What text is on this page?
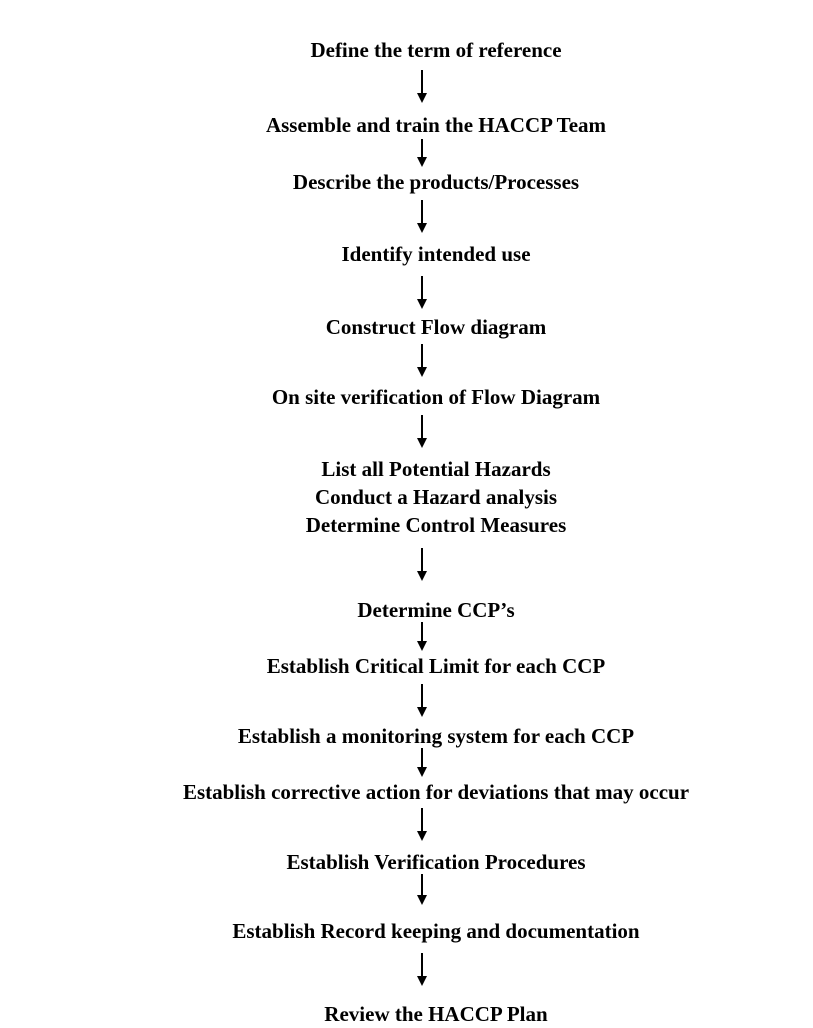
Define the term of reference
Assemble and train the HACCP Team
Describe the products/Processes
Identify intended use
Construct Flow diagram
On site verification of Flow Diagram
List all Potential Hazards
Conduct a Hazard analysis
Determine Control Measures
Determine CCP’s
Establish Critical Limit for each CCP
Establish a monitoring system for each CCP
Establish corrective action for deviations that may occur
Establish Verification Procedures
Establish Record keeping and documentation
Review the HACCP Plan
